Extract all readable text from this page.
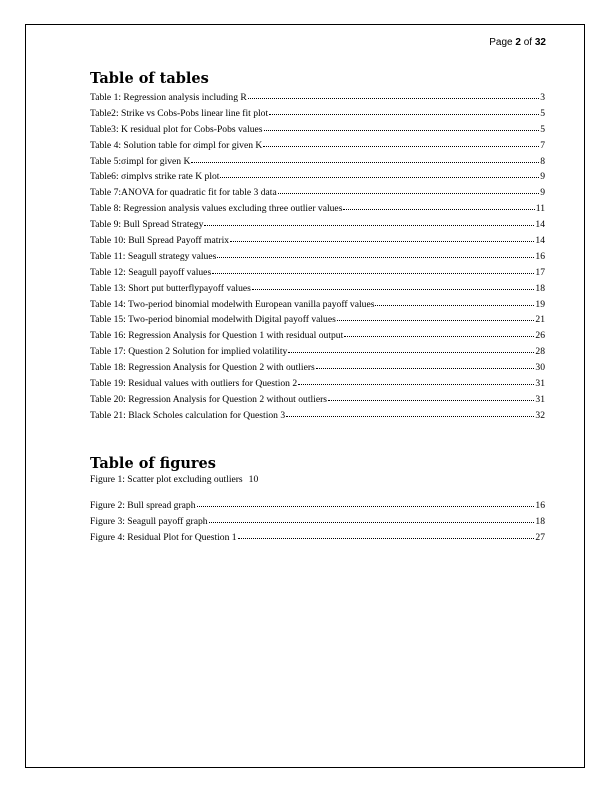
Page 2 of 32
Table of tables
Table 1: Regression analysis including R	3
Table2: Strike vs Cobs-Pobs linear line fit plot	5
Table3: K residual plot for Cobs-Pobs values	5
Table 4: Solution table for σimpl for given K	7
Table 5:σimpl for given K	8
Table6: σimplvs strike rate K plot	9
Table 7:ANOVA for quadratic fit for table 3 data	9
Table 8: Regression analysis values excluding three outlier values	11
Table 9: Bull Spread Strategy	14
Table 10: Bull Spread Payoff matrix	14
Table 11: Seagull strategy values	16
Table 12: Seagull payoff values	17
Table 13: Short put butterflypayoff values	18
Table 14: Two-period binomial modelwith European vanilla payoff values	19
Table 15: Two-period binomial modelwith Digital payoff values	21
Table 16: Regression Analysis for Question 1 with residual output	26
Table 17: Question 2 Solution for implied volatility	28
Table 18: Regression Analysis for Question 2 with outliers	30
Table 19: Residual values with outliers for Question 2	31
Table 20: Regression Analysis for Question 2 without outliers	31
Table 21: Black Scholes calculation for Question 3	32
Table of figures
Figure 1: Scatter plot excluding outliers 10
Figure 2: Bull spread graph	16
Figure 3: Seagull payoff graph	18
Figure 4: Residual Plot for Question 1	27
